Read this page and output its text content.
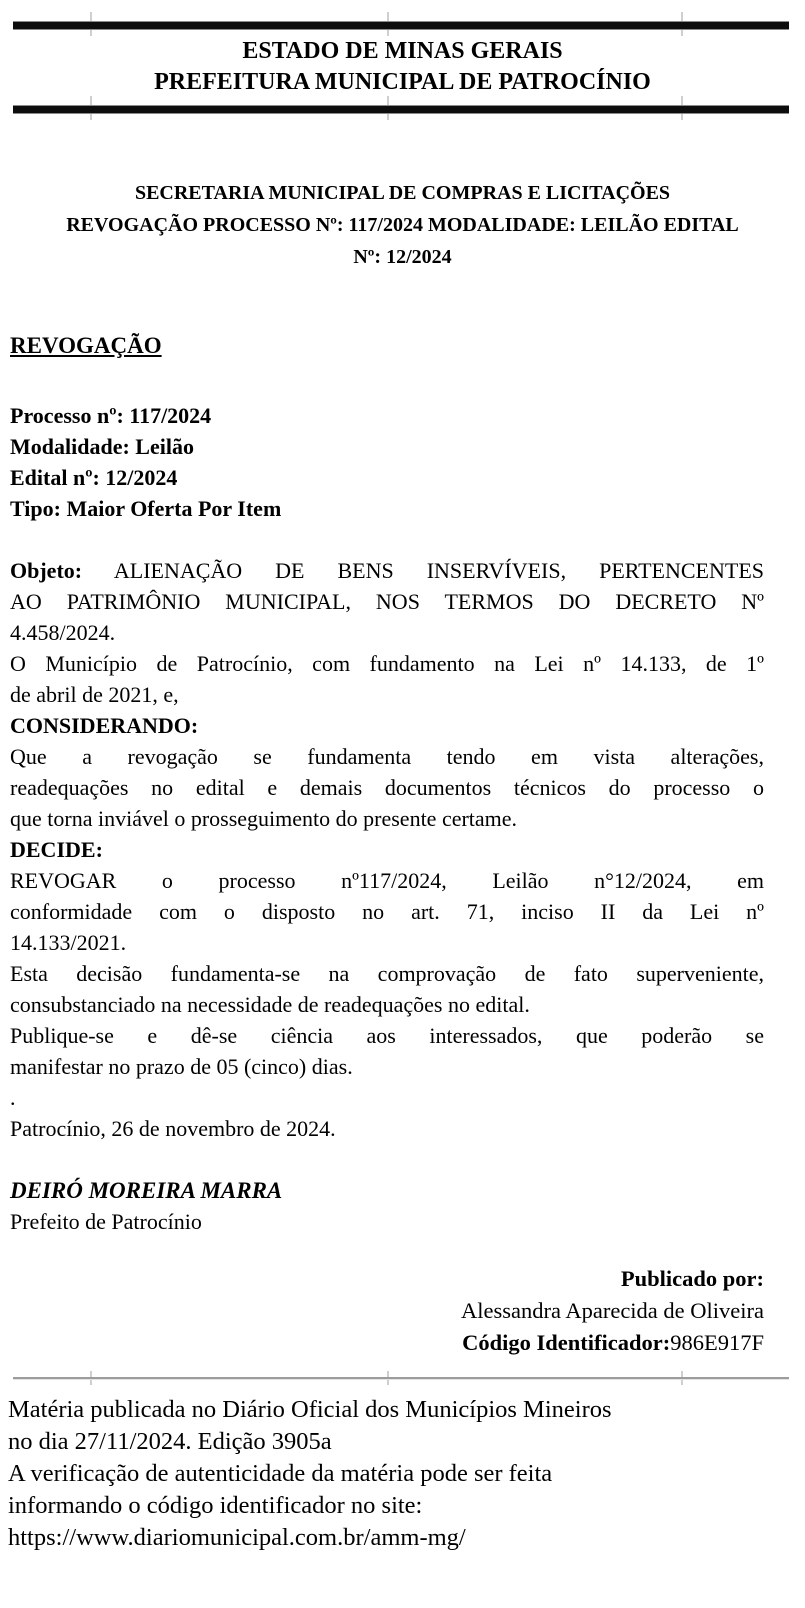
ESTADO DE MINAS GERAIS
PREFEITURA MUNICIPAL DE PATROCÍNIO
SECRETARIA MUNICIPAL DE COMPRAS E LICITAÇÕES
REVOGAÇÃO PROCESSO Nº: 117/2024 MODALIDADE: LEILÃO EDITAL
Nº: 12/2024
REVOGAÇÃO
Processo nº: 117/2024
Modalidade: Leilão
Edital nº: 12/2024
Tipo: Maior Oferta Por Item
Objeto: ALIENAÇÃO DE BENS INSERVÍVEIS, PERTENCENTES
AO PATRIMÔNIO MUNICIPAL, NOS TERMOS DO DECRETO Nº
4.458/2024.
O Município de Patrocínio, com fundamento na Lei nº 14.133, de 1º
de abril de 2021, e,
CONSIDERANDO:
Que a revogação se fundamenta tendo em vista alterações,
readequações no edital e demais documentos técnicos do processo o
que torna inviável o prosseguimento do presente certame.
DECIDE:
REVOGAR o processo nº117/2024, Leilão n°12/2024, em
conformidade com o disposto no art. 71, inciso II da Lei nº
14.133/2021.
Esta decisão fundamenta-se na comprovação de fato superveniente,
consubstanciado na necessidade de readequações no edital.
Publique-se e dê-se ciência aos interessados, que poderão se
manifestar no prazo de 05 (cinco) dias.
.
Patrocínio, 26 de novembro de 2024.
DEIRÓ MOREIRA MARRA
Prefeito de Patrocínio
Publicado por:
Alessandra Aparecida de Oliveira
Código Identificador:986E917F
Matéria publicada no Diário Oficial dos Municípios Mineiros
no dia 27/11/2024. Edição 3905a
A verificação de autenticidade da matéria pode ser feita
informando o código identificador no site:
https://www.diariomunicipal.com.br/amm-mg/
